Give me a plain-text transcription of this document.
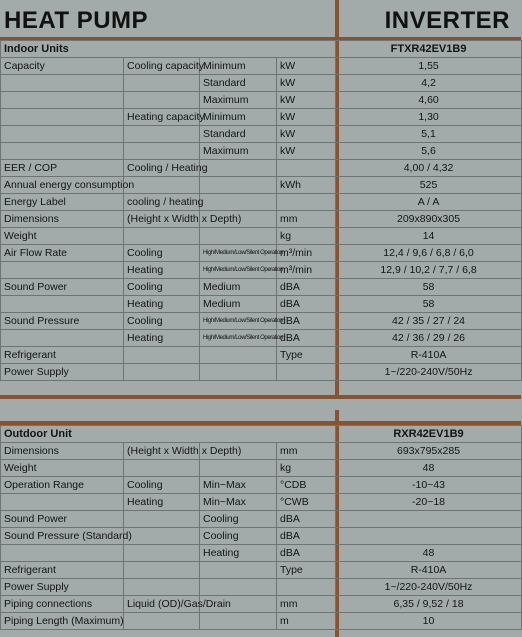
HEAT PUMP	INVERTER
Indoor Units				FTXR42EV1B9
Capacity	Cooling capacity	Minimum	kW	1,55
		Standard	kW	4,2
		Maximum	kW	4,60
	Heating capacity	Minimum	kW	1,30
		Standard	kW	5,1
		Maximum	kW	5,6
EER / COP	Cooling / Heating			4,00 / 4,32
Annual energy consumption			kWh	525
Energy Label	cooling / heating			A / A
Dimensions	(Height x Width x Depth)		mm	209x890x305
Weight			kg	14
Air Flow Rate	Cooling	High/Medium/Low/Silent Operation	m³/min	12,4 / 9,6 / 6,8 / 6,0
	Heating	High/Medium/Low/Silent Operation	m³/min	12,9 / 10,2 / 7,7 / 6,8
Sound Power	Cooling	Medium	dBA	58
	Heating	Medium	dBA	58
Sound Pressure	Cooling	High/Medium/Low/Silent Operation	dBA	42 / 35 / 27 / 24
	Heating	High/Medium/Low/Silent Operation	dBA	42 / 36 / 29 / 26
Refrigerant			Type	R-410A
Power Supply				1~/220-240V/50Hz
Outdoor Unit				RXR42EV1B9
Dimensions	(Height x Width x Depth)		mm	693x795x285
Weight			kg	48
Operation Range	Cooling	Min~Max	°CDB	-10~43
	Heating	Min~Max	°CWB	-20~18
Sound Power		Cooling	dBA	
Sound Pressure (Standard)		Cooling	dBA	
		Heating	dBA	48
Refrigerant			Type	R-410A
Power Supply				1~/220-240V/50Hz
Piping connections	Liquid (OD)/Gas/Drain		mm	6,35 / 9,52 / 18
Piping Length (Maximum)			m	10
